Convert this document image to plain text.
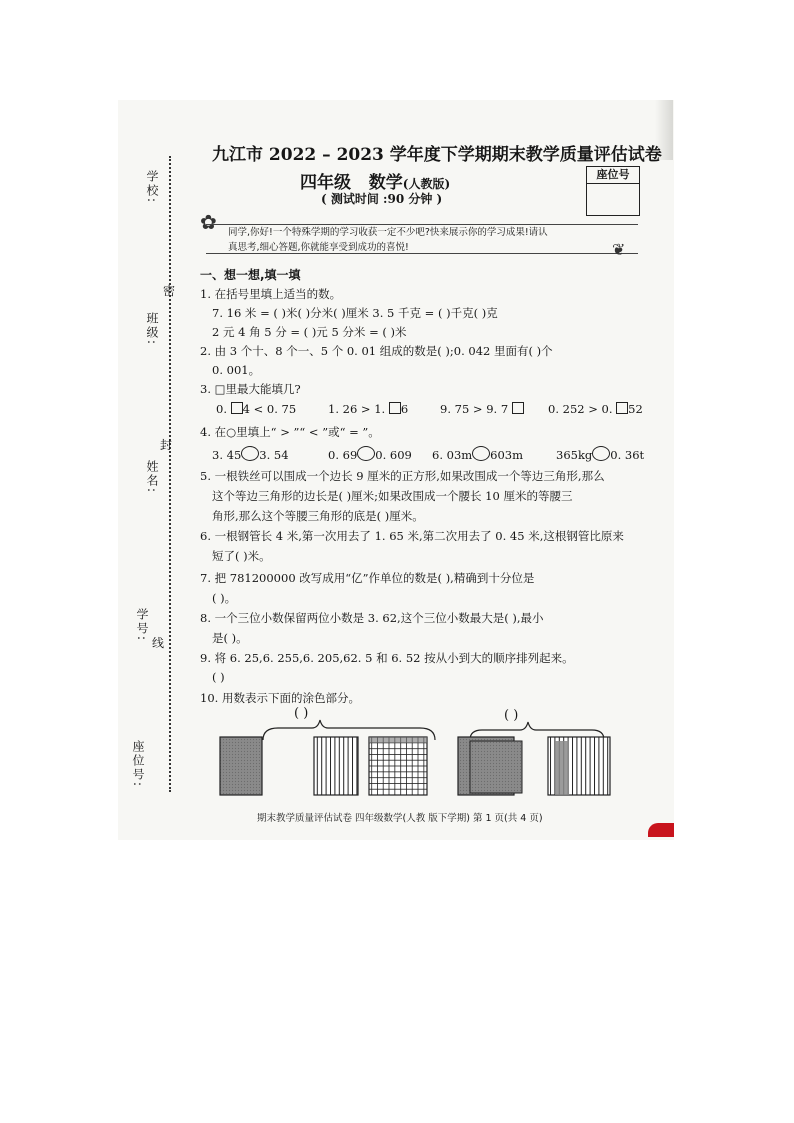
学校:
班级:
姓名:
学号:
座位号:
密
封
线
九江市 2022 – 2023 学年度下学期期末教学质量评估试卷
四年级 数学(人教版)
( 测试时间 :90 分钟 )
座位号
✿ 同学,你好!一个特殊学期的学习收获一定不少吧?快来展示你的学习成果!请认
真思考,细心答题,你就能享受到成功的喜悦!	❦
一、想一想,填一填
1. 在括号里填上适当的数。
7. 16 米 = ( )米( )分米( )厘米 3. 5 千克 = ( )千克( )克
2 元 4 角 5 分 = ( )元 5 分米 = ( )米
2. 由 3 个十、8 个一、5 个 0. 01 组成的数是( );0. 042 里面有( )个
0. 001。
3. □里最大能填几?
0. 4 < 0. 75	1. 26 > 1. 6	9. 75 > 9. 7	0. 252 > 0. 52
4. 在○里填上“ > ”“ < ”或“ = ”。
3. 45 3. 54	0. 69 0. 609 6. 03m 603m	365kg 0. 36t
5. 一根铁丝可以围成一个边长 9 厘米的正方形,如果改围成一个等边三角形,那么
这个等边三角形的边长是( )厘米;如果改围成一个腰长 10 厘米的等腰三
角形,那么这个等腰三角形的底是( )厘米。
6. 一根钢管长 4 米,第一次用去了 1. 65 米,第二次用去了 0. 45 米,这根钢管比原来
短了( )米。
7. 把 781200000 改写成用“亿”作单位的数是( ),精确到十分位是
( )。
8. 一个三位小数保留两位小数是 3. 62,这个三位小数最大是( ),最小
是( )。
9. 将 6. 25,6. 255,6. 205,62. 5 和 6. 52 按从小到大的顺序排列起来。
( )
10. 用数表示下面的涂色部分。
( )	( )
期末教学质量评估试卷 四年级数学(人教 版下学期) 第 1 页(共 4 页)
